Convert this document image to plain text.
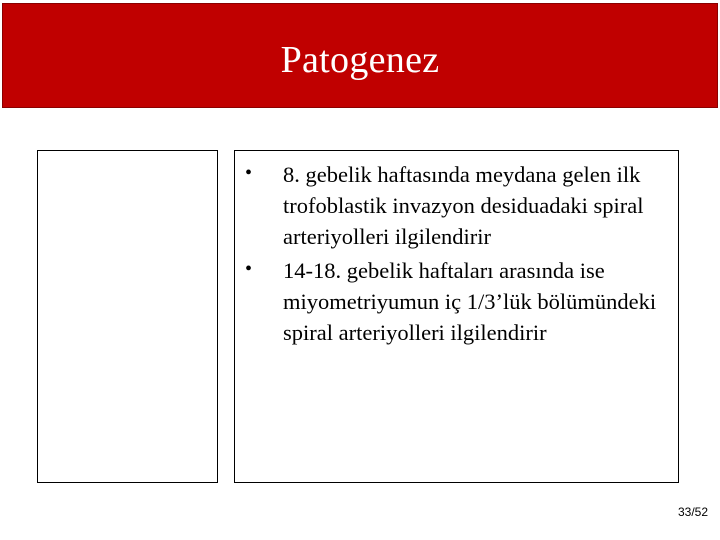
Patogenez
• 8. gebelik haftasında meydana gelen ilk trofoblastik invazyon desiduadaki spiral arteriyolleri ilgilendirir
• 14-18. gebelik haftaları arasında ise miyometriyumun iç 1/3’lük bölümündeki spiral arteriyolleri ilgilendirir
33/52
